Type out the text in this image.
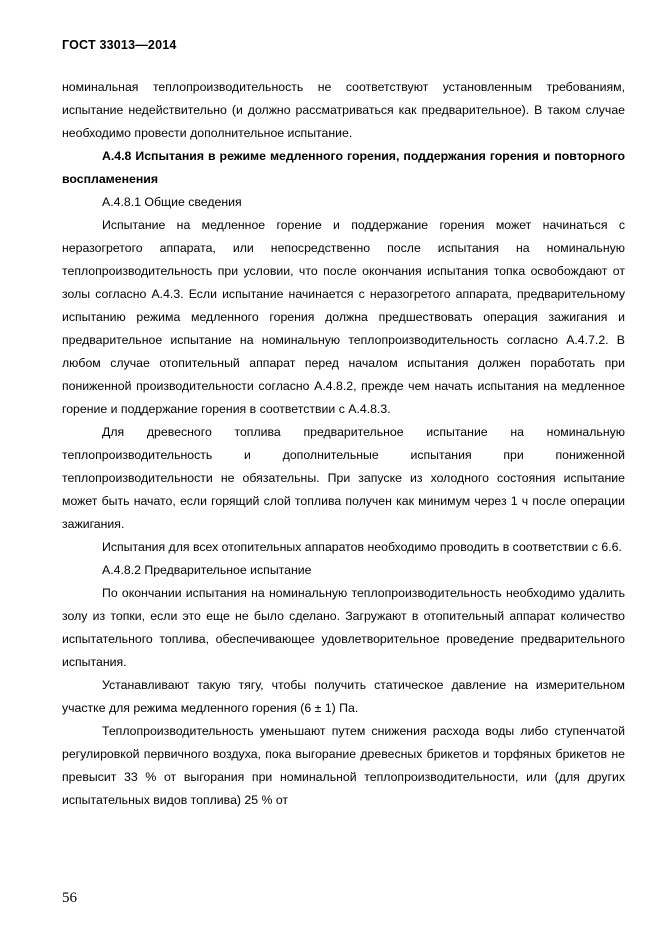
ГОСТ 33013—2014

номинальная теплопроизводительность не соответствуют установленным требованиям, испытание недействительно (и должно рассматриваться как предварительное). В таком случае необходимо провести дополнительное испытание.

А.4.8 Испытания в режиме медленного горения, поддержания горения и повторного воспламенения

А.4.8.1 Общие сведения

Испытание на медленное горение и поддержание горения может начинаться с неразогретого аппарата, или непосредственно после испытания на номинальную теплопроизводительность при условии, что после окончания испытания топка освобождают от золы согласно А.4.3. Если испытание начинается с неразогретого аппарата, предварительному испытанию режима медленного горения должна предшествовать операция зажигания и предварительное испытание на номинальную теплопроизводительность согласно А.4.7.2. В любом случае отопительный аппарат перед началом испытания должен поработать при пониженной производительности согласно А.4.8.2, прежде чем начать испытания на медленное горение и поддержание горения в соответствии с А.4.8.3.

Для древесного топлива предварительное испытание на номинальную теплопроизводительность и дополнительные испытания при пониженной теплопроизводительности не обязательны. При запуске из холодного состояния испытание может быть начато, если горящий слой топлива получен как минимум через 1 ч после операции зажигания.

Испытания для всех отопительных аппаратов необходимо проводить в соответствии с 6.6.

А.4.8.2 Предварительное испытание

По окончании испытания на номинальную теплопроизводительность необходимо удалить золу из топки, если это еще не было сделано. Загружают в отопительный аппарат количество испытательного топлива, обеспечивающее удовлетворительное проведение предварительного испытания.

Устанавливают такую тягу, чтобы получить статическое давление на измерительном участке для режима медленного горения (6 ± 1) Па.

Теплопроизводительность уменьшают путем снижения расхода воды либо ступенчатой регулировкой первичного воздуха, пока выгорание древесных брикетов и торфяных брикетов не превысит 33 % от выгорания при номинальной теплопроизводительности, или (для других испытательных видов топлива) 25 % от

56
